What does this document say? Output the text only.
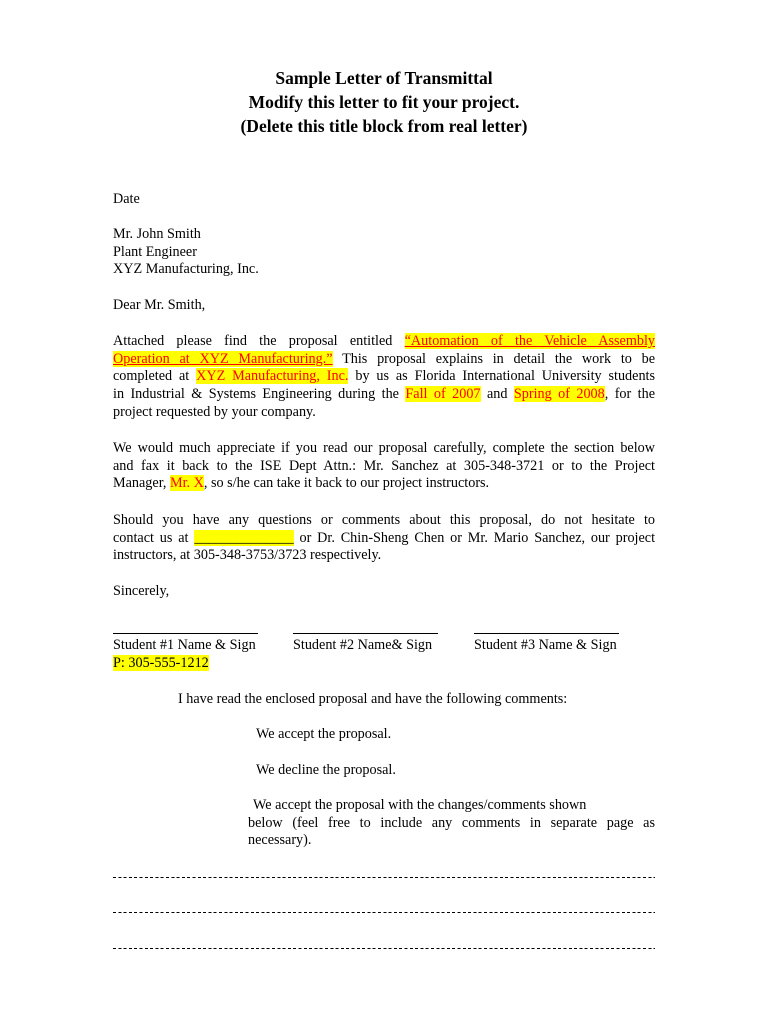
Sample Letter of Transmittal
Modify this letter to fit your project.
(Delete this title block from real letter)
Date
Mr. John Smith
Plant Engineer
XYZ Manufacturing, Inc.
Dear Mr. Smith,
Attached please find the proposal entitled “Automation of the Vehicle Assembly
Operation at XYZ Manufacturing.” This proposal explains in detail the work to be
completed at XYZ Manufacturing, Inc. by us as Florida International University students
in Industrial & Systems Engineering during the Fall of 2007 and Spring of 2008, for the
project requested by your company.
We would much appreciate if you read our proposal carefully, complete the section below
and fax it back to the ISE Dept Attn.: Mr. Sanchez at 305-348-3721 or to the Project
Manager, Mr. X, so s/he can take it back to our project instructors.
Should you have any questions or comments about this proposal, do not hesitate to
contact us at ______________ or Dr. Chin-Sheng Chen or Mr. Mario Sanchez, our project
instructors, at 305-348-3753/3723 respectively.
Sincerely,
Student #1 Name & Sign	Student #2 Name& Sign	Student #3 Name & Sign
P: 305-555-1212
I have read the enclosed proposal and have the following comments:
We accept the proposal.
We decline the proposal.
We accept the proposal with the changes/comments shown
below (feel free to include any comments in separate page as
necessary).
